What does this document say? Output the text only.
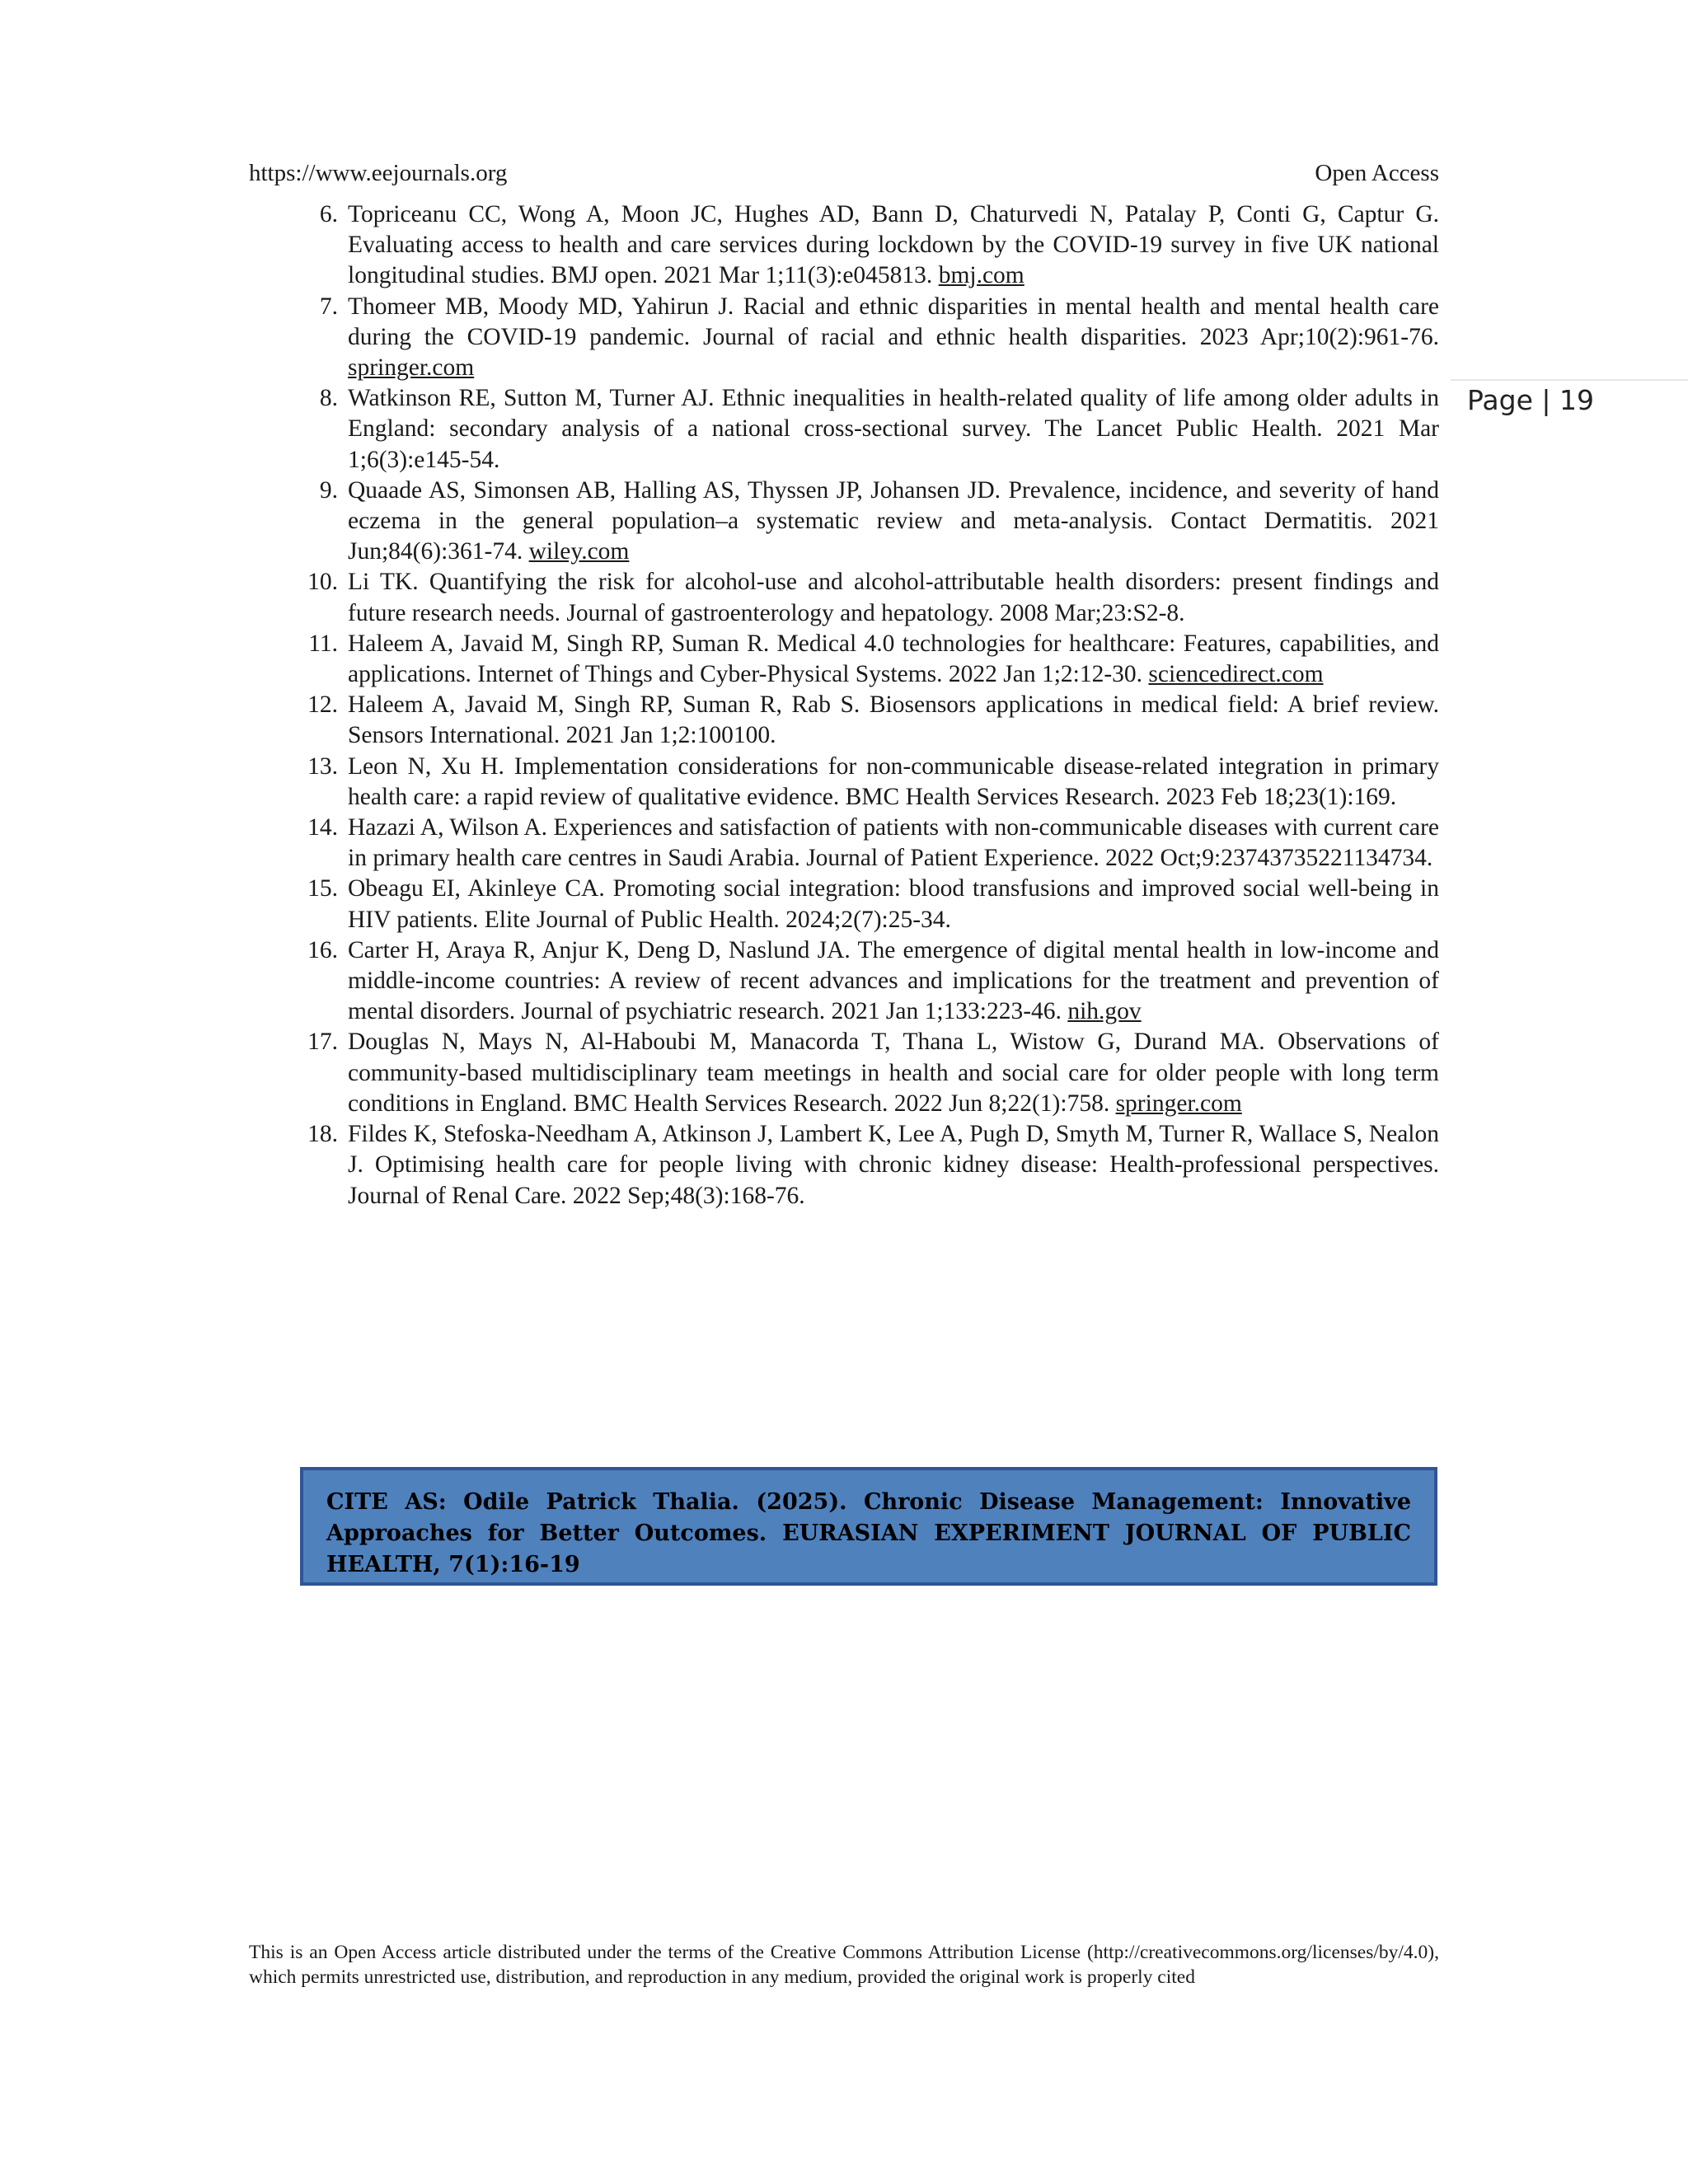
https://www.eejournals.org	Open Access
Page | 19
6. Topriceanu CC, Wong A, Moon JC, Hughes AD, Bann D, Chaturvedi N, Patalay P, Conti G, Captur G. Evaluating access to health and care services during lockdown by the COVID-19 survey in five UK national longitudinal studies. BMJ open. 2021 Mar 1;11(3):e045813. bmj.com
7. Thomeer MB, Moody MD, Yahirun J. Racial and ethnic disparities in mental health and mental health care during the COVID-19 pandemic. Journal of racial and ethnic health disparities. 2023 Apr;10(2):961-76. springer.com
8. Watkinson RE, Sutton M, Turner AJ. Ethnic inequalities in health-related quality of life among older adults in England: secondary analysis of a national cross-sectional survey. The Lancet Public Health. 2021 Mar 1;6(3):e145-54.
9. Quaade AS, Simonsen AB, Halling AS, Thyssen JP, Johansen JD. Prevalence, incidence, and severity of hand eczema in the general population–a systematic review and meta-analysis. Contact Dermatitis. 2021 Jun;84(6):361-74. wiley.com
10. Li TK. Quantifying the risk for alcohol-use and alcohol-attributable health disorders: present findings and future research needs. Journal of gastroenterology and hepatology. 2008 Mar;23:S2-8.
11. Haleem A, Javaid M, Singh RP, Suman R. Medical 4.0 technologies for healthcare: Features, capabilities, and applications. Internet of Things and Cyber-Physical Systems. 2022 Jan 1;2:12-30. sciencedirect.com
12. Haleem A, Javaid M, Singh RP, Suman R, Rab S. Biosensors applications in medical field: A brief review. Sensors International. 2021 Jan 1;2:100100.
13. Leon N, Xu H. Implementation considerations for non-communicable disease-related integration in primary health care: a rapid review of qualitative evidence. BMC Health Services Research. 2023 Feb 18;23(1):169.
14. Hazazi A, Wilson A. Experiences and satisfaction of patients with non-communicable diseases with current care in primary health care centres in Saudi Arabia. Journal of Patient Experience. 2022 Oct;9:23743735221134734.
15. Obeagu EI, Akinleye CA. Promoting social integration: blood transfusions and improved social well-being in HIV patients. Elite Journal of Public Health. 2024;2(7):25-34.
16. Carter H, Araya R, Anjur K, Deng D, Naslund JA. The emergence of digital mental health in low-income and middle-income countries: A review of recent advances and implications for the treatment and prevention of mental disorders. Journal of psychiatric research. 2021 Jan 1;133:223-46. nih.gov
17. Douglas N, Mays N, Al-Haboubi M, Manacorda T, Thana L, Wistow G, Durand MA. Observations of community-based multidisciplinary team meetings in health and social care for older people with long term conditions in England. BMC Health Services Research. 2022 Jun 8;22(1):758. springer.com
18. Fildes K, Stefoska-Needham A, Atkinson J, Lambert K, Lee A, Pugh D, Smyth M, Turner R, Wallace S, Nealon J. Optimising health care for people living with chronic kidney disease: Health-professional perspectives. Journal of Renal Care. 2022 Sep;48(3):168-76.
CITE AS: Odile Patrick Thalia. (2025). Chronic Disease Management: Innovative Approaches for Better Outcomes. EURASIAN EXPERIMENT JOURNAL OF PUBLIC HEALTH, 7(1):16-19
This is an Open Access article distributed under the terms of the Creative Commons Attribution License (http://creativecommons.org/licenses/by/4.0), which permits unrestricted use, distribution, and reproduction in any medium, provided the original work is properly cited
